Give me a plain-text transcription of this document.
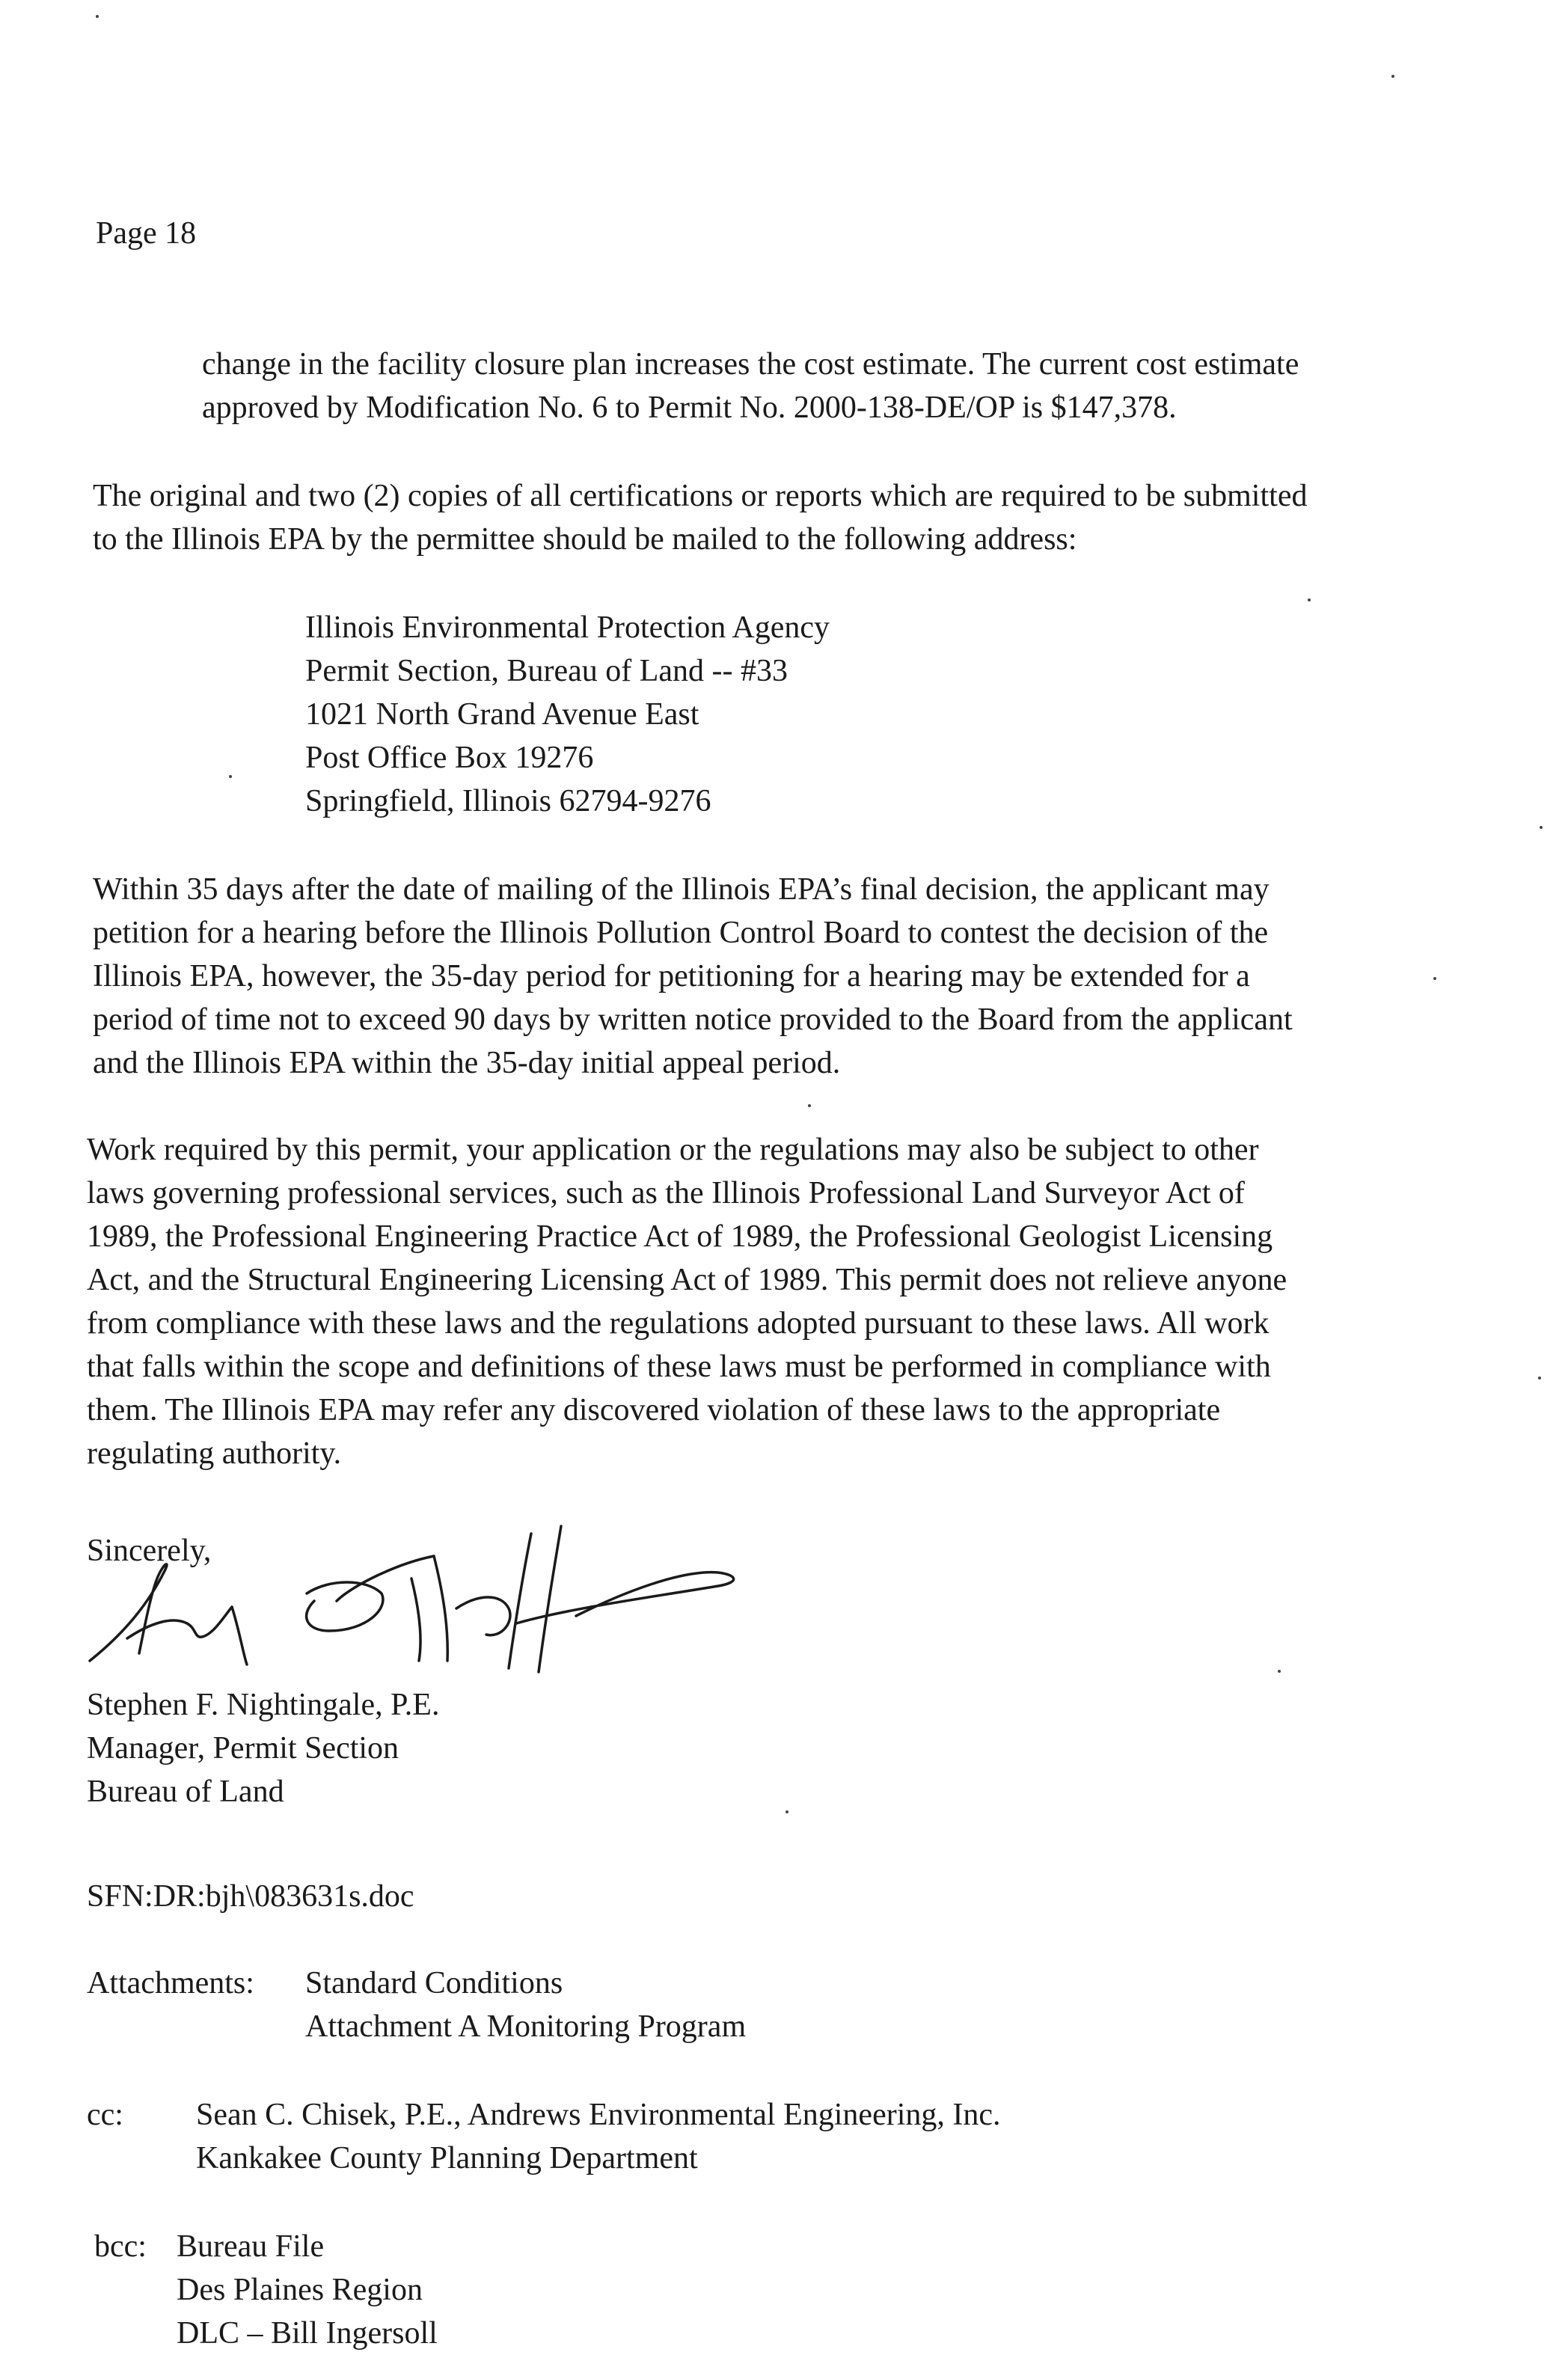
Page 18
change in the facility closure plan increases the cost estimate. The current cost estimate
approved by Modification No. 6 to Permit No. 2000-138-DE/OP is $147,378.
The original and two (2) copies of all certifications or reports which are required to be submitted
to the Illinois EPA by the permittee should be mailed to the following address:
Illinois Environmental Protection Agency
Permit Section, Bureau of Land -- #33
1021 North Grand Avenue East
Post Office Box 19276
Springfield, Illinois 62794-9276
Within 35 days after the date of mailing of the Illinois EPA’s final decision, the applicant may
petition for a hearing before the Illinois Pollution Control Board to contest the decision of the
Illinois EPA, however, the 35-day period for petitioning for a hearing may be extended for a
period of time not to exceed 90 days by written notice provided to the Board from the applicant
and the Illinois EPA within the 35-day initial appeal period.
Work required by this permit, your application or the regulations may also be subject to other
laws governing professional services, such as the Illinois Professional Land Surveyor Act of
1989, the Professional Engineering Practice Act of 1989, the Professional Geologist Licensing
Act, and the Structural Engineering Licensing Act of 1989. This permit does not relieve anyone
from compliance with these laws and the regulations adopted pursuant to these laws. All work
that falls within the scope and definitions of these laws must be performed in compliance with
them. The Illinois EPA may refer any discovered violation of these laws to the appropriate
regulating authority.
Sincerely,
Stephen F. Nightingale, P.E.
Manager, Permit Section
Bureau of Land
SFN:DR:bjh\083631s.doc
Attachments: Standard Conditions
Attachment A Monitoring Program
cc: Sean C. Chisek, P.E., Andrews Environmental Engineering, Inc.
Kankakee County Planning Department
bcc: Bureau File
Des Plaines Region
DLC – Bill Ingersoll
